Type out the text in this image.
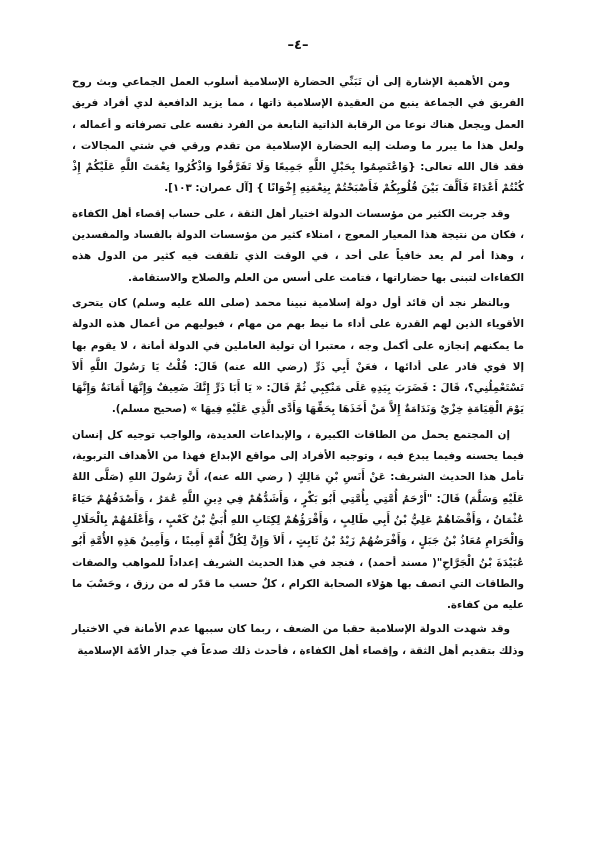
–٤–

ومن الأهمية الإشارة إلى أن تَبَنِّي الحضارة الإسلامية أسلوب العمل الجماعي وبث روح الفريق في الجماعة ينبع من العقيدة الإسلامية ذاتها ، مما يزيد الدافعية لدي أفراد فريق العمل ويجعل هناك نوعا من الرقابة الذاتية النابعة من الفرد نفسه على تصرفاته و أعماله ، ولعل هذا ما يبرر ما وصلت إليه الحضارة الإسلامية من تقدم ورقي في شتي المجالات ، فقد قال الله تعالى: {وَاعْتَصِمُوا بِحَبْلِ اللَّهِ جَمِيعًا وَلَا تَفَرَّقُوا وَاذْكُرُوا نِعْمَتَ اللَّهِ عَلَيْكُمْ إِذْ كُنْتُمْ أَعْدَاءً فَأَلَّفَ بَيْنَ قُلُوبِكُمْ فَأَصْبَحْتُمْ بِنِعْمَتِهِ إِخْوَانًا } [آل عمران: ١٠٣].

وقد جربت الكثير من مؤسسات الدولة اختيار أهل الثقة ، على حساب إقصاء أهل الكفاءة ، فكان من نتيجة هذا المعيار المعوج ، امتلاء كثير من مؤسسات الدولة بالفساد والمفسدين ، وهذا أمر لم يعد خافياً على أحد ، في الوقت الذي تلقفت فيه كثير من الدول هذه الكفاءات لتبنى بها حضاراتها ، فتامت على أسس من العلم والصلاح والاستقامة.

وبالنظر نجد أن قائد أول دولة إسلامية نبينا محمد (صلى الله عليه وسلم) كان يتحرى الأقوياء الذين لهم القدرة على أداء ما نيط بهم من مهام ، فيوليهم من أعمال هذه الدولة ما يمكنهم إنجازه على أكمل وجه ، معتبرا أن تولية العاملين في الدولة أمانة ، لا يقوم بها إلا قوي قادر على أدائها ، فعَنْ أَبِي ذَرٍّ (رضي الله عنه) قَالَ: قُلْتُ يَا رَسُولَ اللَّهِ أَلاَ تَسْتَعْمِلُنِي؟، قَالَ : فَضَرَبَ بِيَدِهِ عَلَى مَنْكِبِي ثُمَّ قَالَ: « يَا أَبَا ذَرٍّ إِنَّكَ ضَعِيفٌ وَإِنَّهَا أَمَانَةٌ وَإِنَّهَا يَوْمَ الْقِيَامَةِ خِزْيٌ وَنَدَامَةٌ إِلاَّ مَنْ أَخَذَهَا بِحَقِّهَا وَأَدَّى الَّذِي عَلَيْهِ فِيهَا » (صحيح مسلم).

إن المجتمع يحمل من الطاقات الكبيرة ، والإبداعات العديدة، والواجب توجيه كل إنسان فيما يحسنه وفيما يبدع فيه ، وتوجيه الأفراد إلى مواقع الإبداع فهذا من الأهداف التربوية، تأمل هذا الحديث الشريف: عَنْ أَنَسِ بْنِ مَالِكٍ ( رضي الله عنه)، أَنَّ رَسُولَ اللهِ (صَلَّى اللهُ عَلَيْهِ وَسَلَّمَ) قَالَ: "أَرْحَمُ أُمَّتِي بِأُمَّتِي أَبُو بَكْرٍ ، وَأَشَدُّهُمْ فِي دِينِ اللَّهِ عُمَرُ ، وَأَصْدَقُهُمْ حَيَاءً عُثْمَانُ ، وَأَقْضَاهُمْ عَلِيُّ بْنُ أَبِي طَالِبٍ ، وَأَقْرَؤُهُمْ لِكِتَابِ اللهِ أُبَيُّ بْنُ كَعْبٍ ، وَأَعْلَمُهُمْ بِالْحَلَالِ وَالْحَرَامِ مُعَاذُ بْنُ جَبَلٍ ، وَأَفْرَضُهُمْ زَيْدُ بْنُ ثَابِتٍ ، أَلاَ وَإِنَّ لِكُلِّ أُمَّةٍ أَمِينًا ، وَأَمِينُ هَذِهِ الأُمَّةِ أَبُو عُبَيْدَةَ بْنُ الْجَرَّاحِ"( مسند أحمد) ، فنجد في هذا الحديث الشريف إعداداً للمواهب والصفات والطاقات التي اتصف بها هؤلاء الصحابة الكرام ، كلٌ حسب ما قدّر له من رزق ، وحَسْبَ ما عليه من كفاءة.

وقد شهدت الدولة الإسلامية حقبا من الضعف ، ربما كان سببها عدم الأمانة في الاختيار وذلك بتقديم أهل الثقة ، وإقصاء أهل الكفاءة ، فأحدث ذلك صدعاً في جدار الأمّة الإسلامية
